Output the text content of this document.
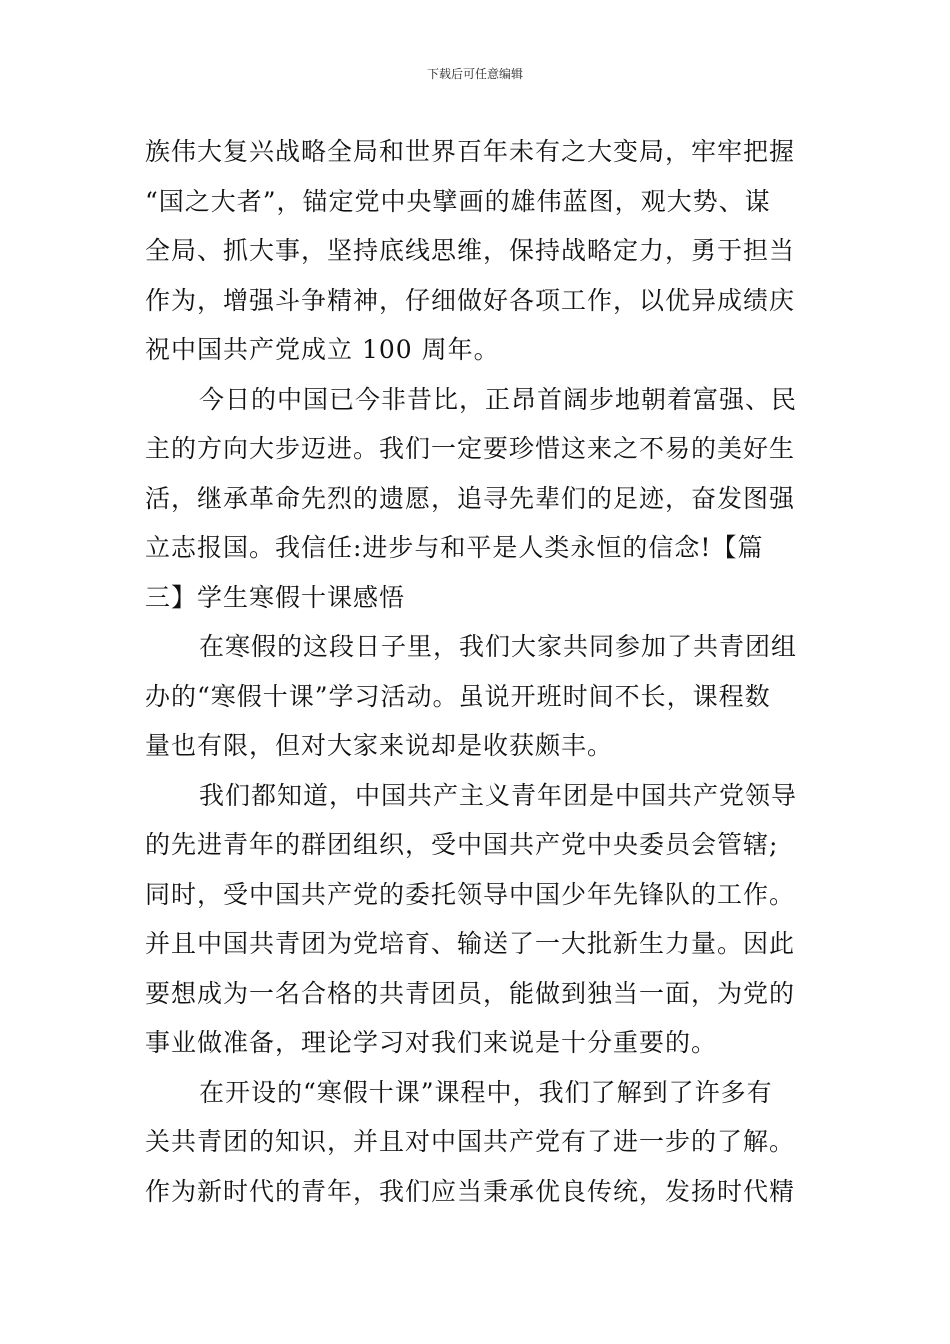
下载后可任意编辑
族伟大复兴战略全局和世界百年未有之大变局，牢牢把握
“国之大者”，锚定党中央擘画的雄伟蓝图，观大势、谋
全局、抓大事，坚持底线思维，保持战略定力，勇于担当
作为，增强斗争精神，仔细做好各项工作，以优异成绩庆
祝中国共产党成立 100 周年。
今日的中国已今非昔比，正昂首阔步地朝着富强、民
主的方向大步迈进。我们一定要珍惜这来之不易的美好生
活，继承革命先烈的遗愿，追寻先辈们的足迹，奋发图强
立志报国。我信任:进步与和平是人类永恒的信念!【篇
三】学生寒假十课感悟
在寒假的这段日子里，我们大家共同参加了共青团组
办的“寒假十课”学习活动。虽说开班时间不长，课程数
量也有限，但对大家来说却是收获颇丰。
我们都知道，中国共产主义青年团是中国共产党领导
的先进青年的群团组织，受中国共产党中央委员会管辖;
同时，受中国共产党的委托领导中国少年先锋队的工作。
并且中国共青团为党培育、输送了一大批新生力量。因此
要想成为一名合格的共青团员，能做到独当一面，为党的
事业做准备，理论学习对我们来说是十分重要的。
在开设的“寒假十课”课程中，我们了解到了许多有
关共青团的知识，并且对中国共产党有了进一步的了解。
作为新时代的青年，我们应当秉承优良传统，发扬时代精
